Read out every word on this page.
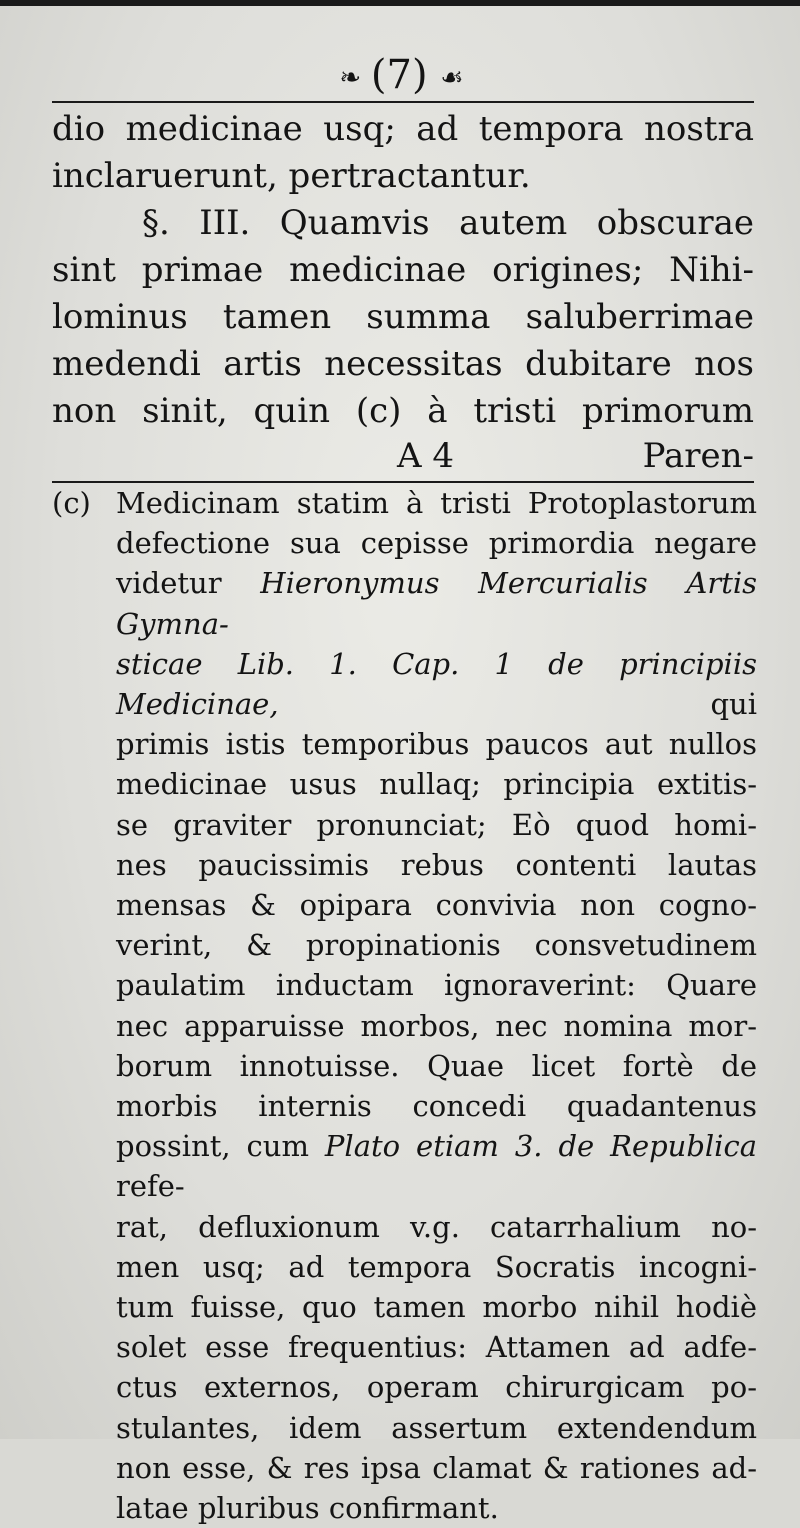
❧ (7) ☙

dio medicinae usq; ad tempora nostra

inclaruerunt, pertractantur.

§. III. Quamvis autem obscurae

sint primae medicinae origines; Nihi-

lominus tamen summa saluberrimae

medendi artis necessitas dubitare nos

non sinit, quin (c) à tristi primorum

A 4	Paren-
(c) Medicinam statim à tristi Protoplastorum

defectione sua cepisse primordia negare

videtur Hieronymus Mercurialis Artis Gymna-

sticae Lib. 1. Cap. 1 de principiis Medicinae, qui

primis istis temporibus paucos aut nullos

medicinae usus nullaq; principia extitis-

se graviter pronunciat; Eò quod homi-

nes paucissimis rebus contenti lautas

mensas & opipara convivia non cogno-

verint, & propinationis consvetudinem

paulatim inductam ignoraverint: Quare

nec apparuisse morbos, nec nomina mor-

borum innotuisse. Quae licet fortè de

morbis internis concedi quadantenus

possint, cum Plato etiam 3. de Republica refe-

rat, defluxionum v.g. catarrhalium no-

men usq; ad tempora Socratis incogni-

tum fuisse, quo tamen morbo nihil hodiè

solet esse frequentius: Attamen ad adfe-

ctus externos, operam chirurgicam po-

stulantes, idem assertum extendendum

non esse, & res ipsa clamat & rationes ad-

latae pluribus confirmant.
